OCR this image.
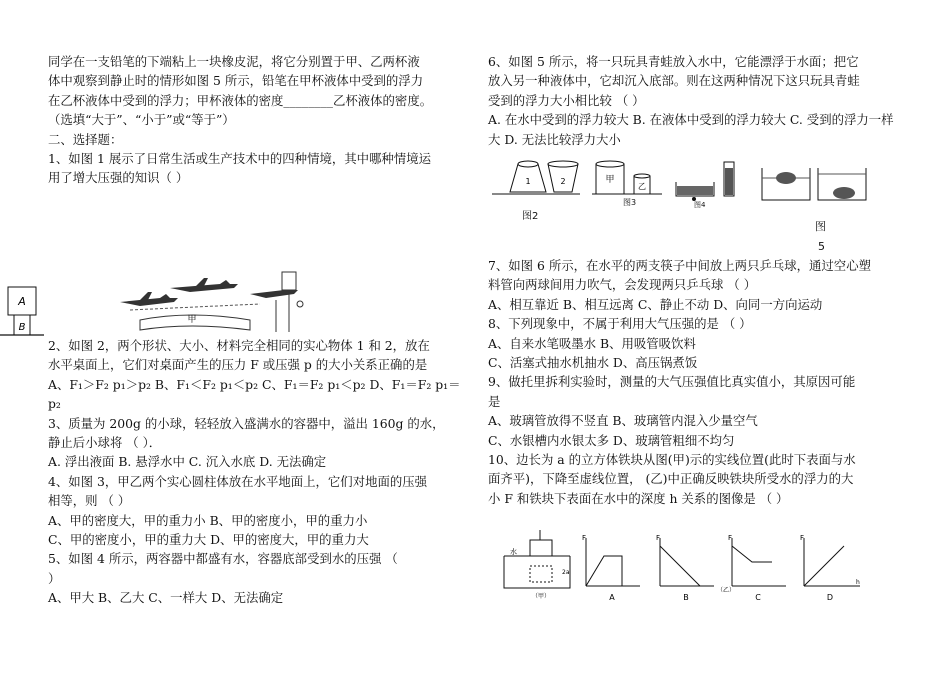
同学在一支铅笔的下端粘上一块橡皮泥，将它分别置于甲、乙两杯液

体中观察到静止时的情形如图 5 所示，铅笔在甲杯液体中受到的浮力

在乙杯液体中受到的浮力；甲杯液体的密度________乙杯液体的密度。

（选填“大于”、“小于”或“等于”）

二、选择题：

1、如图 1 展示了日常生活或生产技术中的四种情境，其中哪种情境运

用了增大压强的知识（ ）

2、如图 2，两个形状、大小、材料完全相同的实心物体 1 和 2，放在

水平桌面上，它们对桌面产生的压力 F 或压强 p 的大小关系正确的是

A、F₁＞F₂ p₁＞p₂ B、F₁＜F₂ p₁＜p₂ C、F₁＝F₂ p₁＜p₂ D、F₁＝F₂ p₁＝

p₂

3、质量为 200g 的小球，轻轻放入盛满水的容器中，溢出 160g 的水，

静止后小球将 （ ）．

A. 浮出液面 B. 悬浮水中 C. 沉入水底 D. 无法确定

4、如图 3，甲乙两个实心圆柱体放在水平地面上，它们对地面的压强

相等，则 （ ）

A、甲的密度大，甲的重力小 B、甲的密度小，甲的重力小

C、甲的密度小，甲的重力大 D、甲的密度大，甲的重力大

5、如图 4 所示，两容器中都盛有水，容器底部受到水的压强 （

）

A、甲大 B、乙大 C、一样大 D、无法确定

A
B
甲

6、如图 5 所示，将一只玩具青蛙放入水中，它能漂浮于水面；把它

放入另一种液体中，它却沉入底部。则在这两种情况下这只玩具青蛙

受到的浮力大小相比较 （ ）

A. 在水中受到的浮力较大 B. 在液体中受到的浮力较大 C. 受到的浮力一样

大 D. 无法比较浮力大小

1	2
图2
甲
乙
图3	图4
图
5

7、如图 6 所示，在水平的两支筷子中间放上两只乒乓球，通过空心塑

料管向两球间用力吹气，会发现两只乒乓球 （ ）

A、相互靠近 B、相互远离 C、静止不动 D、向同一方向运动

8、下列现象中，不属于利用大气压强的是 （ ）

A、自来水笔吸墨水 B、用吸管吸饮料

C、活塞式抽水机抽水 D、高压锅煮饭

9、做托里拆利实验时，测量的大气压强值比真实值小，其原因可能

是

A、玻璃管放得不竖直 B、玻璃管内混入少量空气

C、水银槽内水银太多 D、玻璃管粗细不均匀

10、边长为 a 的立方体铁块从图(甲)示的实线位置(此时下表面与水

面齐平)，下降至虚线位置， (乙)中正确反映铁块所受水的浮力的大

小 F 和铁块下表面在水中的深度 h 关系的图像是 （ ）

水
2a
（甲）
F
A
F
B
F
C
F
h
D
（乙）
